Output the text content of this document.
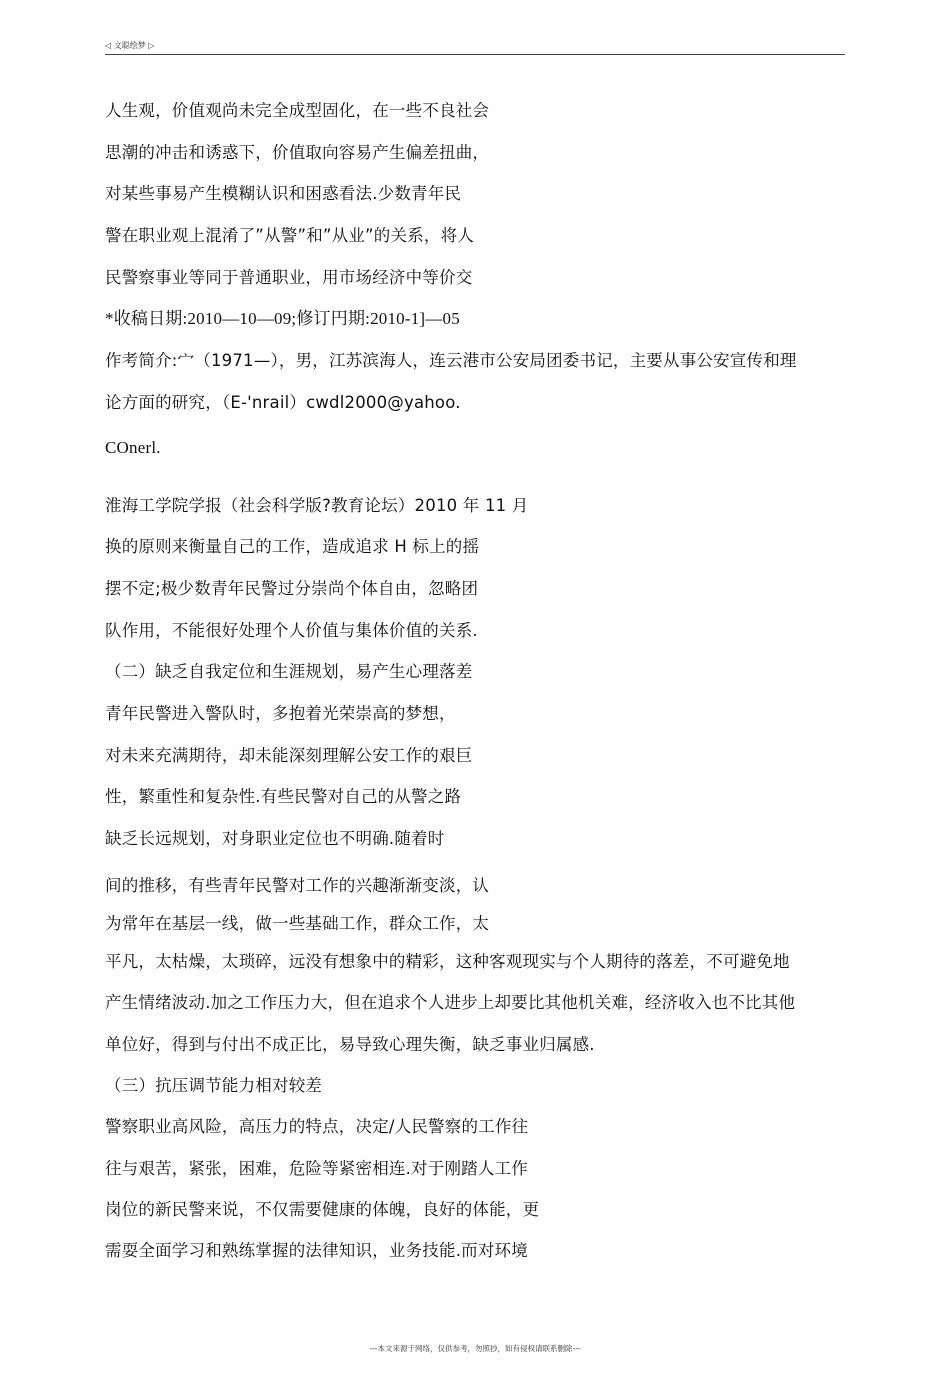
◁ 文聪绘梦 ▷
人生观，价值观尚未完全成型固化，在一些不良社会
思潮的冲击和诱惑下，价值取向容易产生偏差扭曲，
对某些事易产生模糊认识和困惑看法.少数青年民
警在职业观上混淆了”从警”和”从业”的关系，将人
民警察事业等同于普通职业，用市场经济中等价交
*收稿日期:2010—10—09;修订円期:2010-1]—05
作考简介:宀（1971—），男，江苏滨海人，连云港市公安局团委书记，主要从事公安宣传和理
论方面的研究，（E-'nrail）cwdl2000@yahoo.
COnerl.
淮海工学院学报（社会科学版?教育论坛）2010 年 11 月
换的原则来衡量自己的工作，造成追求 H 标上的摇
摆不定;极少数青年民警过分崇尚个体自由，忽略团
队作用，不能很好处理个人价值与集体价值的关系.
（二）缺乏自我定位和生涯规划，易产生心理落差
青年民警进入警队时，多抱着光荣崇高的梦想，
对未来充满期待，却未能深刻理解公安工作的艰巨
性，繁重性和复杂性.有些民警对自己的从警之路
缺乏长远规划，对身职业定位也不明确.随着时
间的推移，有些青年民警对工作的兴趣渐渐变淡，认
为常年在基层一线，做一些基础工作，群众工作，太
平凡，太枯燥，太琐碎，远没有想象中的精彩，这种客观现实与个人期待的落差，不可避免地
产生情绪波动.加之工作压力大，但在追求个人进步上却要比其他机关难，经济收入也不比其他
单位好，得到与付出不成正比，易导致心理失衡，缺乏事业归属感.
（三）抗压调节能力相对较差
警察职业高风险，高压力的特点，决定/人民警察的工作往
往与艰苦，紧张，困难，危险等紧密相连.对于刚踏人工作
岗位的新民警来说，不仅需要健康的体魄，良好的体能，更
需耍全面学习和熟练掌握的法律知识，业务技能.而对环境
---本文来源于网络，仅供参考，勿照抄，如有侵权请联系删除---
